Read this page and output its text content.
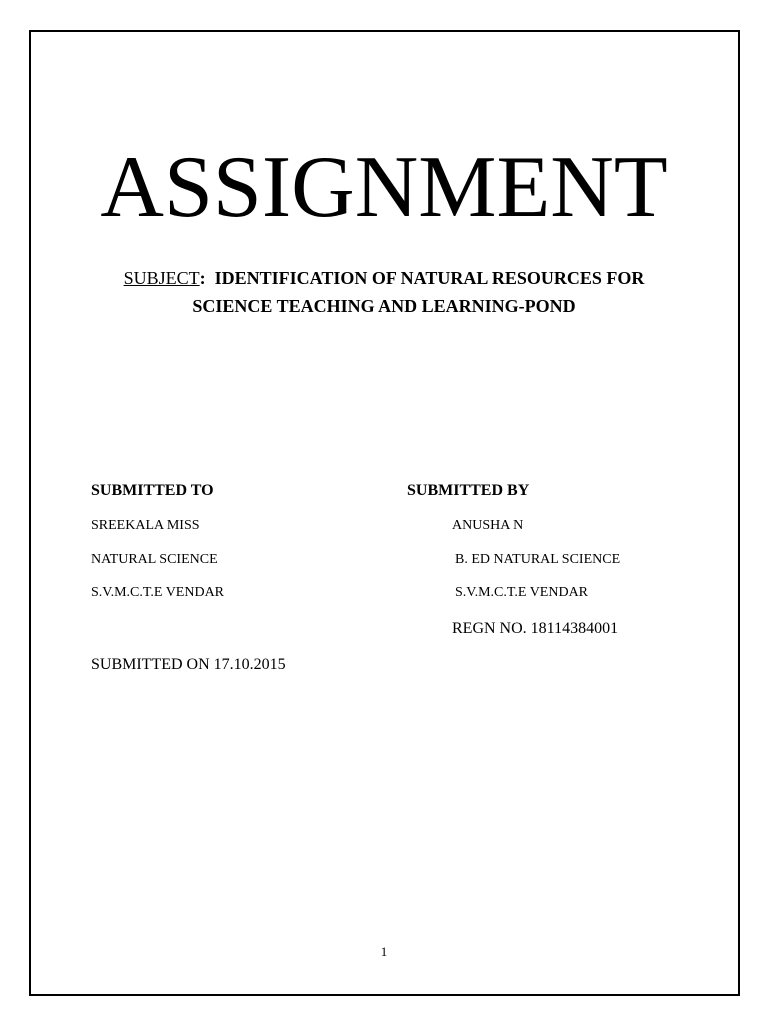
ASSIGNMENT
SUBJECT: IDENTIFICATION OF NATURAL RESOURCES FOR
SCIENCE TEACHING AND LEARNING-POND
SUBMITTED TO
SREEKALA MISS
NATURAL SCIENCE
S.V.M.C.T.E VENDAR
SUBMITTED BY
ANUSHA N
B. ED NATURAL SCIENCE
S.V.M.C.T.E VENDAR
REGN NO. 18114384001
SUBMITTED ON 17.10.2015
1
